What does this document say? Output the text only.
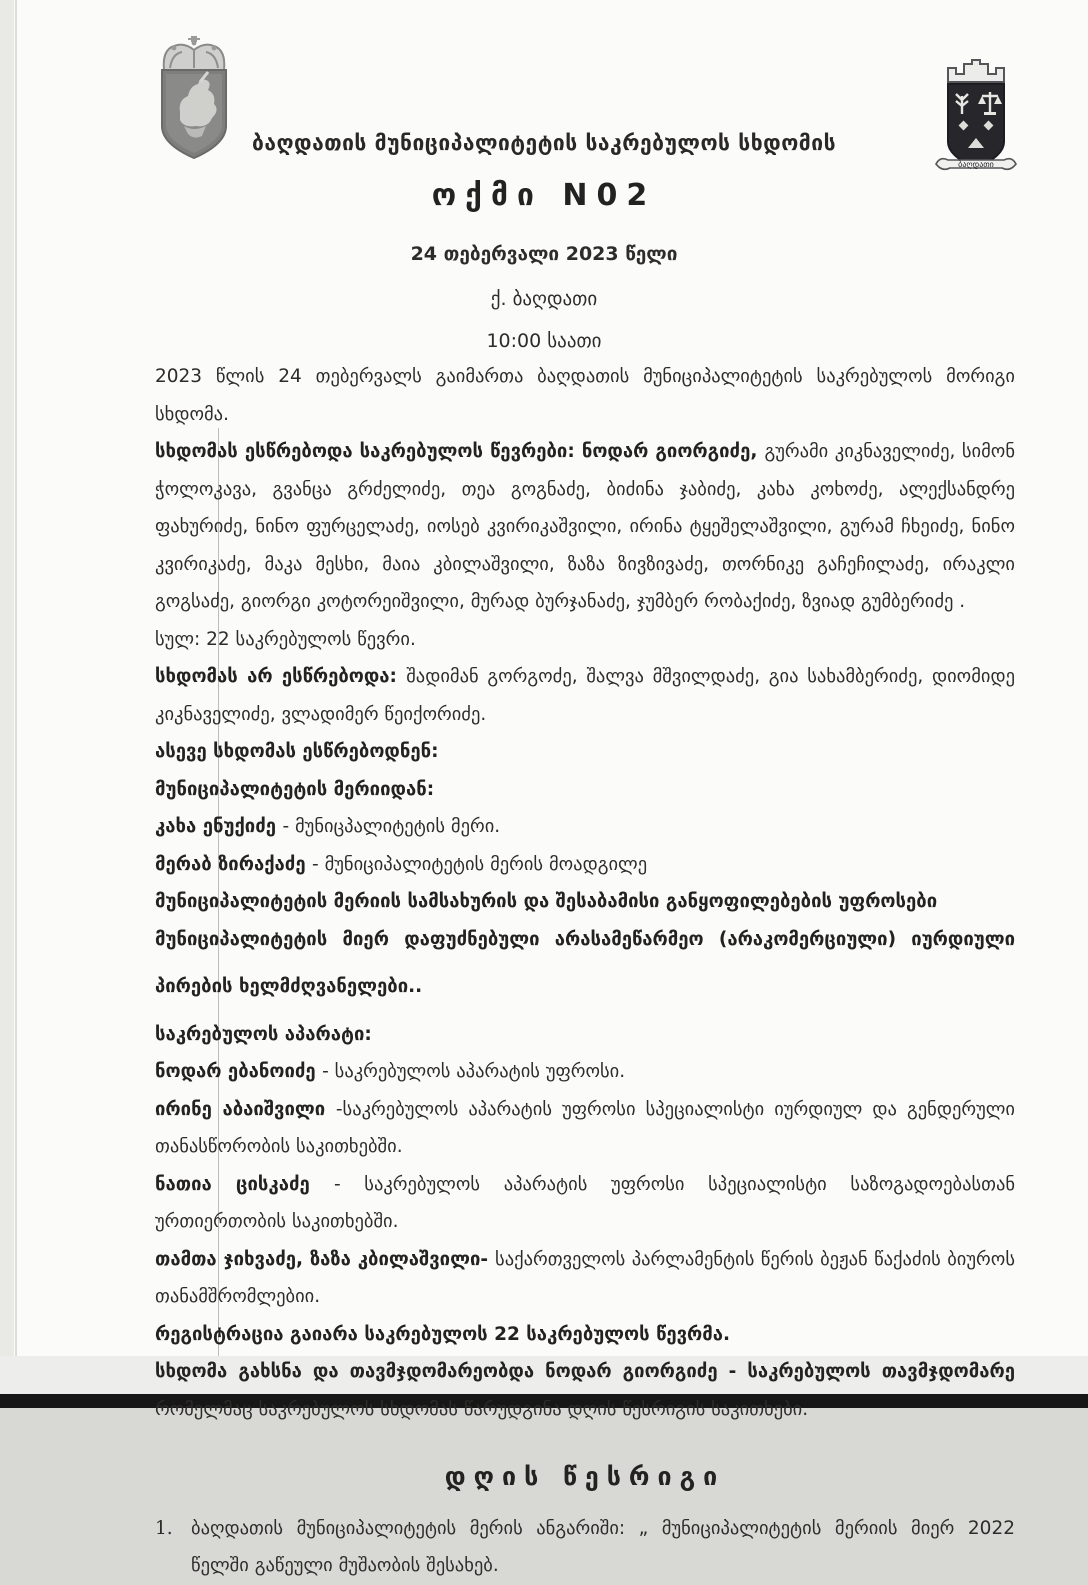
ბაღდათი
ბაღდათის მუნიციპალიტეტის საკრებულოს სხდომის
ოქმი N02
24 თებერვალი 2023 წელი
ქ. ბაღდათი
10:00 საათი

2023 წლის 24 თებერვალს გაიმართა ბაღდათის მუნიციპალიტეტის საკრებულოს მორიგი სხდომა.

სხდომას ესწრებოდა საკრებულოს წევრები: ნოდარ გიორგიძე, გურამი კიკნაველიძე, სიმონ ჭოლოკავა, გვანცა გრძელიძე, თეა გოგნაძე, ბიძინა ჯაბიძე, კახა კოხოძე, ალექსანდრე ფახურიძე, ნინო ფურცელაძე, იოსებ კვირიკაშვილი, ირინა ტყეშელაშვილი, გურამ ჩხეიძე, ნინო კვირიკაძე, მაკა მესხი, მაია კბილაშვილი, ზაზა ზივზივაძე, თორნიკე გაჩეჩილაძე, ირაკლი გოგსაძე, გიორგი კოტორეიშვილი, მურად ბურჯანაძე, ჯუმბერ რობაქიძე, ზვიად გუმბერიძე .

სულ: 22 საკრებულოს წევრი.

სხდომას არ ესწრებოდა: შადიმან გორგოძე, შალვა მშვილდაძე, გია სახამბერიძე, დიომიდე კიკნაველიძე, ვლადიმერ წეიქორიძე.

ასევე სხდომას ესწრებოდნენ:

მუნიციპალიტეტის მერიიდან:

კახა ენუქიძე - მუნიცპალიტეტის მერი.

მერაბ ზირაქაძე - მუნიციპალიტეტის მერის მოადგილე

მუნიციპალიტეტის მერიის სამსახურის და შესაბამისი განყოფილებების უფროსები

მუნიციპალიტეტის მიერ დაფუძნებული არასამეწარმეო (არაკომერციული) იურდიული

პირების ხელმძღვანელები..

საკრებულოს აპარატი:

ნოდარ ებანოიძე - საკრებულოს აპარატის უფროსი.

ირინე აბაიშვილი -საკრებულოს აპარატის უფროსი სპეციალისტი იურდიულ და გენდერული თანასწორობის საკითხებში.

ნათია ცისკაძე - საკრებულოს აპარატის უფროსი სპეციალისტი საზოგადოებასთან ურთიერთობის საკითხებში.

თამთა ჯიხვაძე, ზაზა კბილაშვილი- საქართველოს პარლამენტის წერის ბეჟან წაქაძის ბიუროს თანამშრომლებიი.

რეგისტრაცია გაიარა საკრებულოს 22 საკრებულოს წევრმა.

სხდომა გახსნა და თავმჯდომარეობდა ნოდარ გიორგიძე - საკრებულოს თავმჯდომარე რომელმაც საკრებულოს სხდომას წარუდგინა დღის წესრიგის საკითხები.

დღის წესრიგი
1. ბაღდათის მუნიციპალიტეტის მერის ანგარიში: „ მუნიციპალიტეტის მერიის მიერ 2022 წელში გაწეული მუშაობის შესახებ.
